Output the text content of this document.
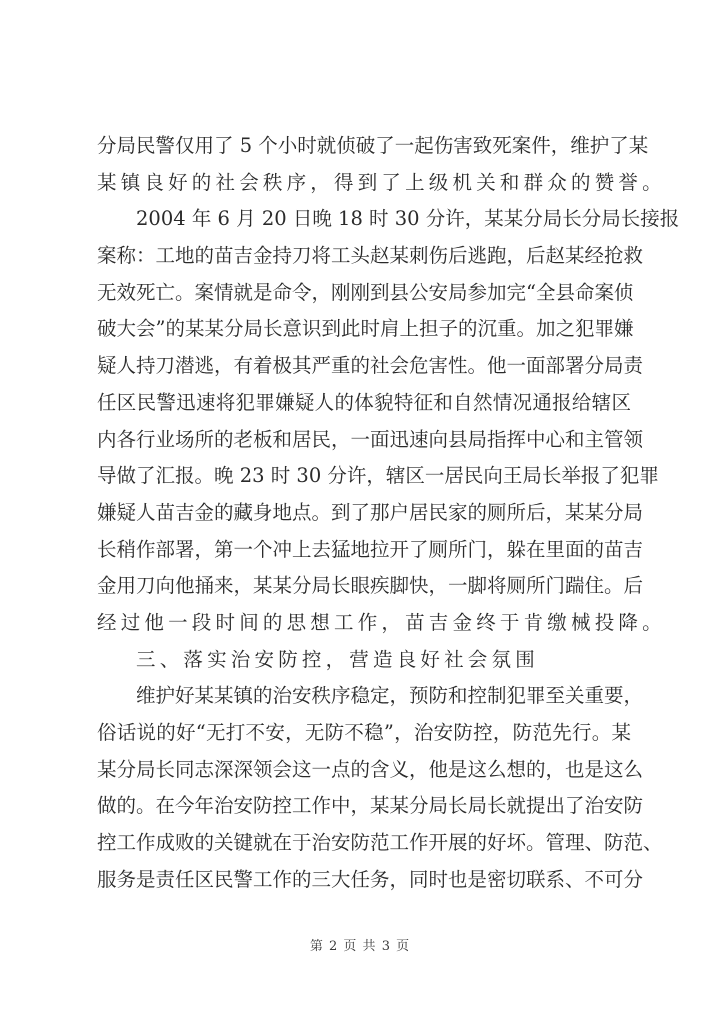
分局民警仅用了 5 个小时就侦破了一起伤害致死案件，维护了某
某镇良好的社会秩序，得到了上级机关和群众的赞誉。
2004 年 6 月 20 日晚 18 时 30 分许，某某分局长分局长接报
案称：工地的苗吉金持刀将工头赵某刺伤后逃跑，后赵某经抢救
无效死亡。案情就是命令，刚刚到县公安局参加完“全县命案侦
破大会”的某某分局长意识到此时肩上担子的沉重。加之犯罪嫌
疑人持刀潜逃，有着极其严重的社会危害性。他一面部署分局责
任区民警迅速将犯罪嫌疑人的体貌特征和自然情况通报给辖区
内各行业场所的老板和居民，一面迅速向县局指挥中心和主管领
导做了汇报。晚 23 时 30 分许，辖区一居民向王局长举报了犯罪
嫌疑人苗吉金的藏身地点。到了那户居民家的厕所后，某某分局
长稍作部署，第一个冲上去猛地拉开了厕所门，躲在里面的苗吉
金用刀向他捅来，某某分局长眼疾脚快，一脚将厕所门踹住。后
经过他一段时间的思想工作，苗吉金终于肯缴械投降。
三、落实治安防控，营造良好社会氛围
维护好某某镇的治安秩序稳定，预防和控制犯罪至关重要，
俗话说的好“无打不安，无防不稳”，治安防控，防范先行。某
某分局长同志深深领会这一点的含义，他是这么想的，也是这么
做的。在今年治安防控工作中，某某分局长局长就提出了治安防
控工作成败的关键就在于治安防范工作开展的好坏。管理、防范、
服务是责任区民警工作的三大任务，同时也是密切联系、不可分
第 2 页 共 3 页
